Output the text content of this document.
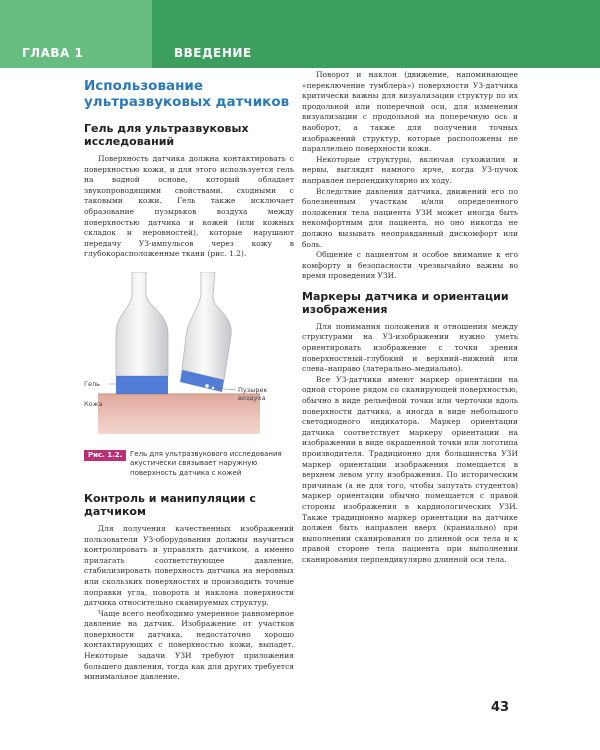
ГЛАВА 1	ВВЕДЕНИЕ
Использование ультразвуковых датчиков
Гель для ультразвуковых исследований

Поверхность датчика должна контактировать с поверхностью кожи, и для этого используется гель на водной основе, который обладает звукопроводящими свойствами, сходными с таковыми кожи. Гель также исключает образование пузырьков воздуха между поверхностью датчика и кожей (или кожных складок и неровностей), которые нарушают передачу УЗ-импульсов через кожу в глубокорасположенные ткани (рис. 1.2).

Гель
Кожа
Пузырек воздуха
Рис. 1.2.	Гель для ультразвукового исследования акустически связывает наружную поверхность датчика с кожей
Контроль и манипуляции с датчиком

Для получения качественных изображений пользователи УЗ-оборудования должны научиться контролировать и управлять датчиком, а именно прилагать соответствующее давление, стабилизировать поверхность датчика на неровных или скользких поверхностях и производить точные поправки угла, поворота и наклона поверхности датчика относительно сканируемых структур.

Чаще всего необходимо умеренное равномерное давление на датчик. Изображение от участков поверхности датчика, недостаточно хорошо контактирующих с поверхностью кожи, выпадет. Некоторые задачи УЗИ требуют приложения большего давления, тогда как для других требуется минимальное давление.

Поворот и наклон (движение, напоминающее «переключение тумблера») поверхности УЗ-датчика критически важны для визуализации структур по их продольной или поперечной оси, для изменения визуализации с продольной на поперечную ось и наоборот, а также для получения точных изображений структур, которые расположены не параллельно поверхности кожи.

Некоторые структуры, включая сухожилия и нервы, выглядят намного ярче, когда УЗ-пучок направлен перпендикулярно их ходу.

Вследствие давления датчика, движений его по болезненным участкам и/или определенного положения тела пациента УЗИ может иногда быть некомфортным для пациента, но оно никогда не должно вызывать неоправданный дискомфорт или боль.

Общение с пациентом и особое внимание к его комфорту и безопасности чрезвычайно важны во время проведения УЗИ.

Маркеры датчика и ориентации изображения

Для понимания положения и отношения между структурами на УЗ-изображении нужно уметь ориентировать изображение с точки зрения поверхностный–глубокий и верхний–нижний или слева–направо (латерально–медиально).

Все УЗ-датчики имеют маркер ориентации на одной стороне рядом со сканирующей поверхностью, обычно в виде рельефной точки или черточки вдоль поверхности датчика, а иногда в виде небольшого светодиодного индикатора. Маркер ориентации датчика соответствует маркеру ориентации на изображении в виде окрашенной точки или логотипа производителя. Традиционно для большинства УЗИ маркер ориентации изображения помещается в верхнем левом углу изображения. По историческим причинам (а не для того, чтобы запутать студентов) маркер ориентации обычно помещается с правой стороны изображения в кардиологических УЗИ. Также традиционно маркер ориентации на датчике должен быть направлен вверх (краниально) при выполнении сканирования по длинной оси тела и к правой стороне тела пациента при выполнении сканирования перпендикулярно длинной оси тела.

43
